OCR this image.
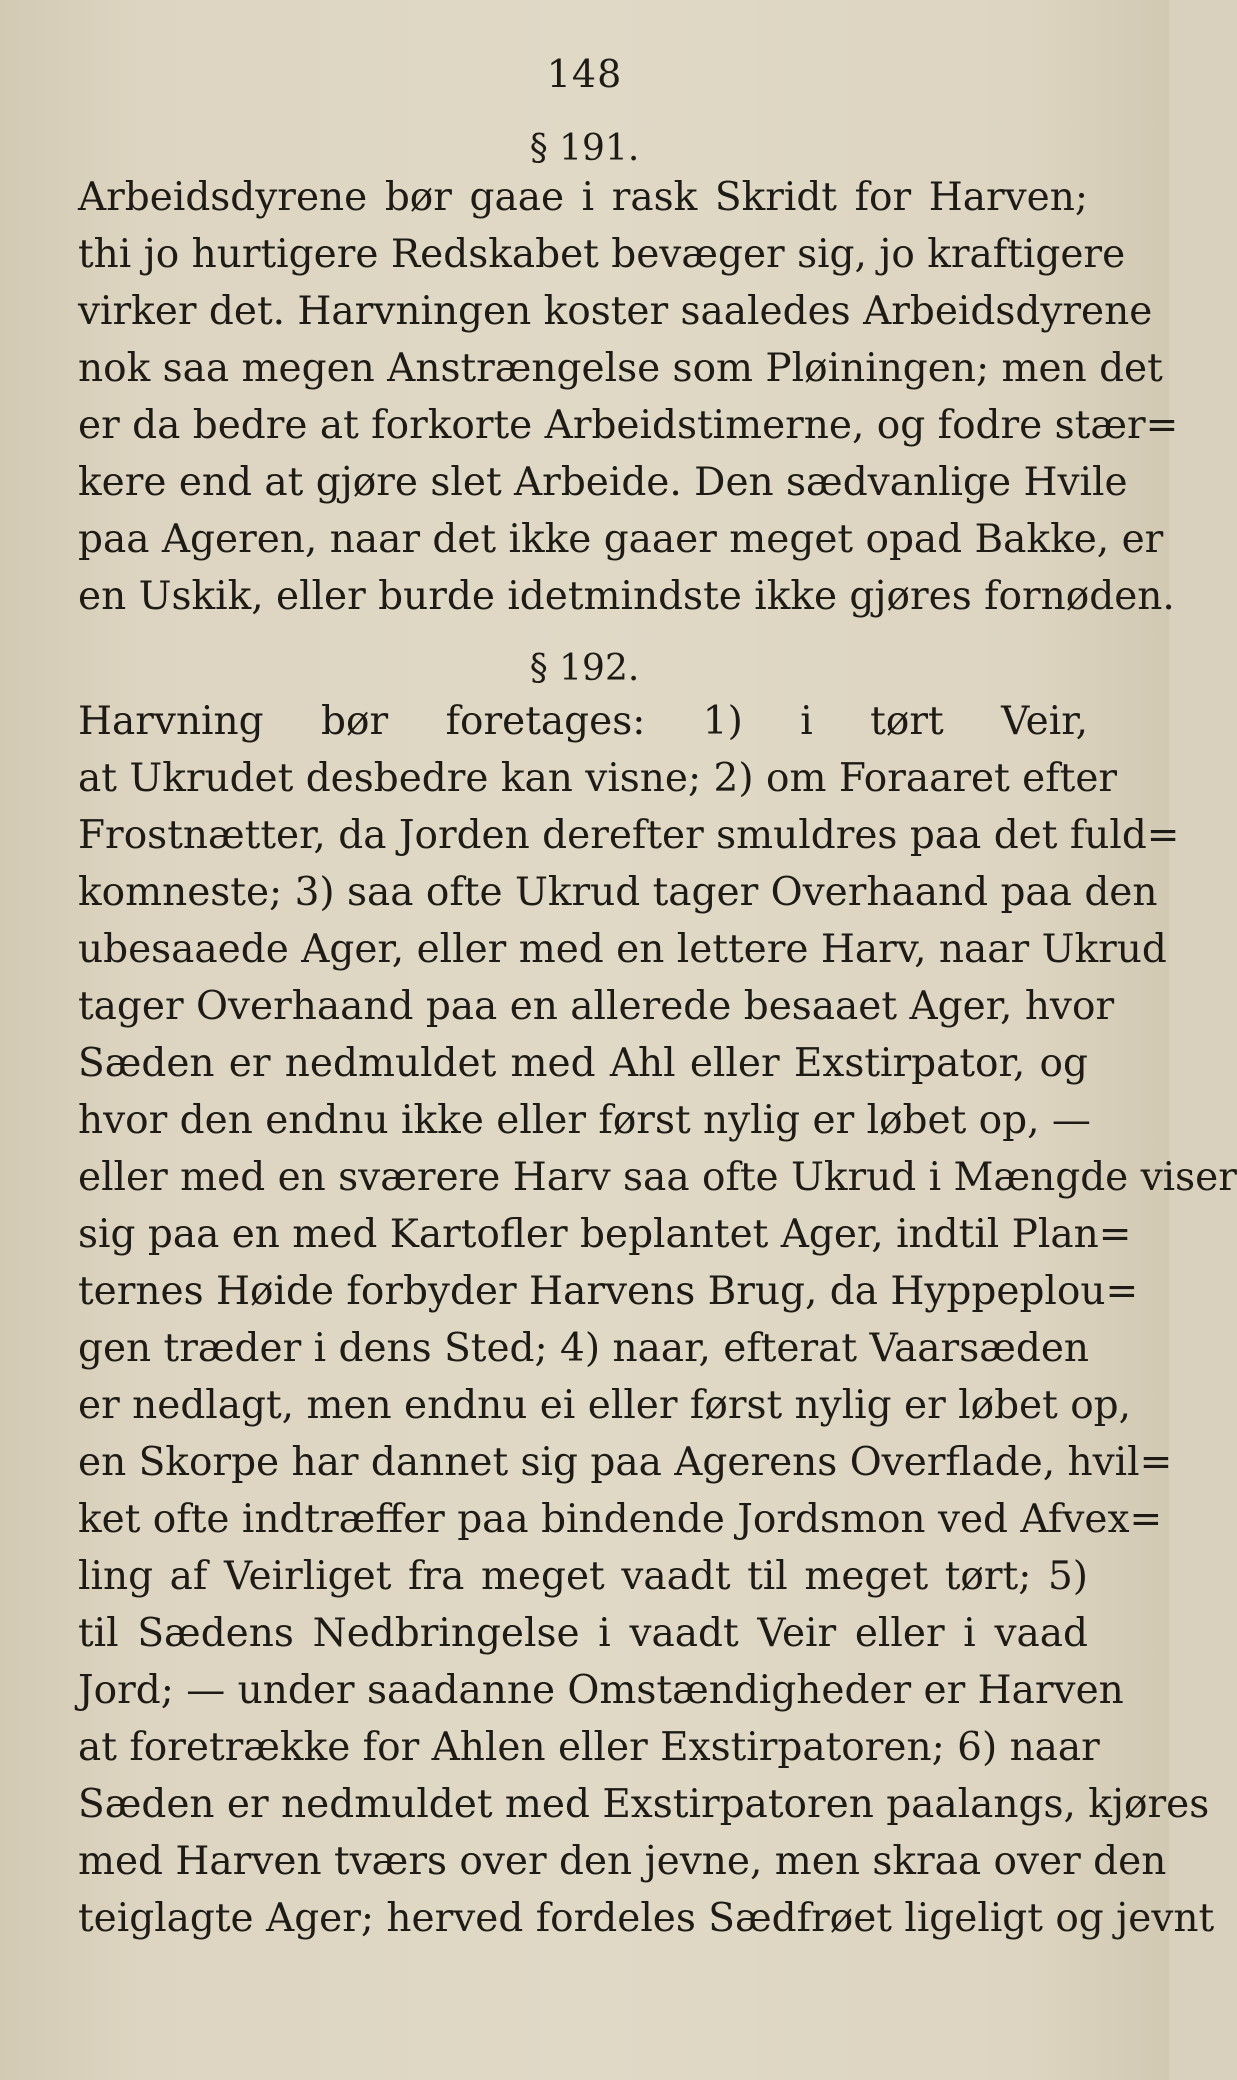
148
§ 191.
Arbeidsdyrene bør gaae i rask Skridt for Harven;
thi jo hurtigere Redskabet bevæger sig, jo kraftigere
virker det. Harvningen koster saaledes Arbeidsdyrene
nok saa megen Anstrængelse som Pløiningen; men det
er da bedre at forkorte Arbeidstimerne, og fodre stær=
kere end at gjøre slet Arbeide. Den sædvanlige Hvile
paa Ageren, naar det ikke gaaer meget opad Bakke, er
en Uskik, eller burde idetmindste ikke gjøres fornøden.
§ 192.
Harvning bør foretages: 1) i tørt Veir,
at Ukrudet desbedre kan visne; 2) om Foraaret efter
Frostnætter, da Jorden derefter smuldres paa det fuld=
komneste; 3) saa ofte Ukrud tager Overhaand paa den
ubesaaede Ager, eller med en lettere Harv, naar Ukrud
tager Overhaand paa en allerede besaaet Ager, hvor
Sæden er nedmuldet med Ahl eller Exstirpator, og
hvor den endnu ikke eller først nylig er løbet op, —
eller med en sværere Harv saa ofte Ukrud i Mængde viser
sig paa en med Kartofler beplantet Ager, indtil Plan=
ternes Høide forbyder Harvens Brug, da Hyppeplou=
gen træder i dens Sted; 4) naar, efterat Vaarsæden
er nedlagt, men endnu ei eller først nylig er løbet op,
en Skorpe har dannet sig paa Agerens Overflade, hvil=
ket ofte indtræffer paa bindende Jordsmon ved Afvex=
ling af Veirliget fra meget vaadt til meget tørt; 5)
til Sædens Nedbringelse i vaadt Veir eller i vaad
Jord; — under saadanne Omstændigheder er Harven
at foretrække for Ahlen eller Exstirpatoren; 6) naar
Sæden er nedmuldet med Exstirpatoren paalangs, kjøres
med Harven tværs over den jevne, men skraa over den
teiglagte Ager; herved fordeles Sædfrøet ligeligt og jevnt
